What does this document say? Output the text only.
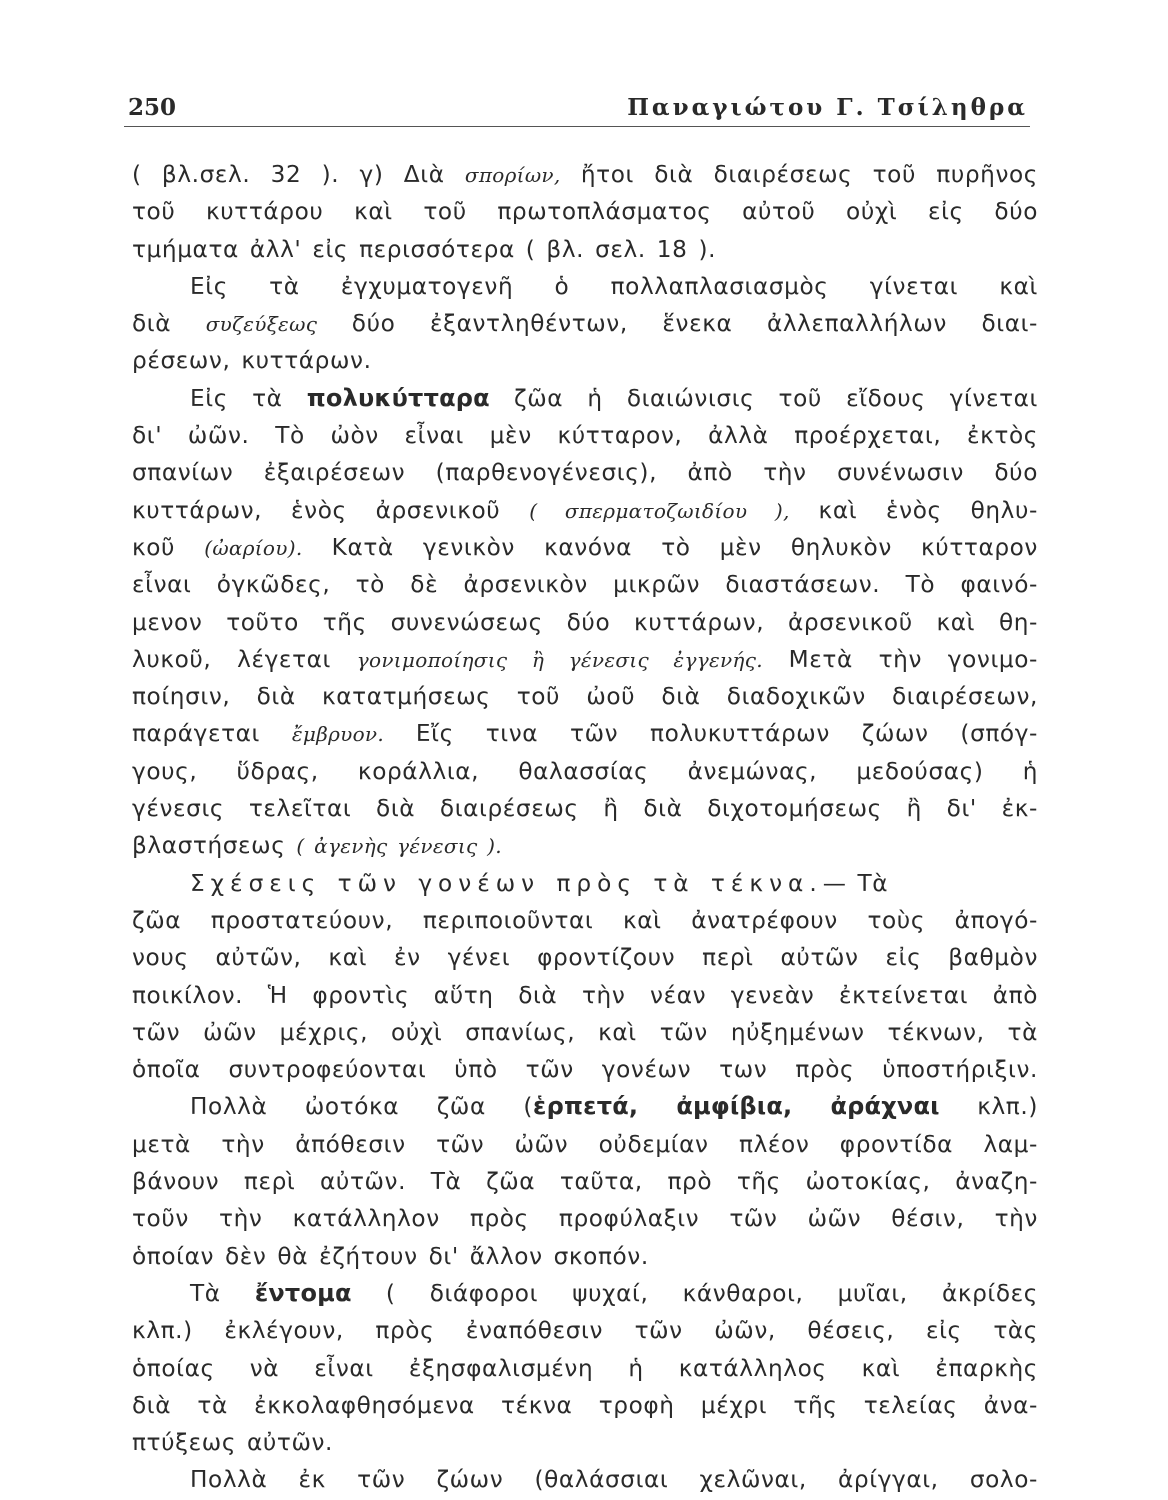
250	Παναγιώτου Γ. Τσίληθρα
( βλ.σελ. 32 ). γ) Διὰ σπορίων, ἤτοι διὰ διαιρέσεως τοῦ πυρῆνος
τοῦ κυττάρου καὶ τοῦ πρωτοπλάσματος αὐτοῦ οὐχὶ εἰς δύο
τμήματα ἀλλ' εἰς περισσότερα ( βλ. σελ. 18 ).
Εἰς τὰ ἐγχυματογενῆ ὁ πολλαπλασιασμὸς γίνεται καὶ
διὰ συζεύξεως δύο ἐξαντληθέντων, ἕνεκα ἀλλεπαλλήλων διαι-
ρέσεων, κυττάρων.
Εἰς τὰ πολυκύτταρα ζῶα ἡ διαιώνισις τοῦ εἴδους γίνεται
δι' ὠῶν. Τὸ ὠὸν εἶναι μὲν κύτταρον, ἀλλὰ προέρχεται, ἐκτὸς
σπανίων ἐξαιρέσεων (παρθενογένεσις), ἀπὸ τὴν συνένωσιν δύο
κυττάρων, ἑνὸς ἀρσενικοῦ ( σπερματοζωιδίου ), καὶ ἑνὸς θηλυ-
κοῦ (ὠαρίου). Κατὰ γενικὸν κανόνα τὸ μὲν θηλυκὸν κύτταρον
εἶναι ὀγκῶδες, τὸ δὲ ἀρσενικὸν μικρῶν διαστάσεων. Τὸ φαινό-
μενον τοῦτο τῆς συνενώσεως δύο κυττάρων, ἀρσενικοῦ καὶ θη-
λυκοῦ, λέγεται γονιμοποίησις ἢ γένεσις ἐγγενής. Μετὰ τὴν γονιμο-
ποίησιν, διὰ κατατμήσεως τοῦ ὠοῦ διὰ διαδοχικῶν διαιρέσεων,
παράγεται ἔμβρυον. Εἴς τινα τῶν πολυκυττάρων ζώων (σπόγ-
γους, ὕδρας, κοράλλια, θαλασσίας ἀνεμώνας, μεδούσας) ἡ
γένεσις τελεῖται διὰ διαιρέσεως ἢ διὰ διχοτομήσεως ἢ δι' ἐκ-
βλαστήσεως ( ἀγενὴς γένεσις ).
Σχέσεις τῶν γονέων πρὸς τὰ τέκνα.— Τὰ
ζῶα προστατεύουν, περιποιοῦνται καὶ ἀνατρέφουν τοὺς ἀπογό-
νους αὐτῶν, καὶ ἐν γένει φροντίζουν περὶ αὐτῶν εἰς βαθμὸν
ποικίλον. Ἡ φροντὶς αὕτη διὰ τὴν νέαν γενεὰν ἐκτείνεται ἀπὸ
τῶν ὠῶν μέχρις, οὐχὶ σπανίως, καὶ τῶν ηὐξημένων τέκνων, τὰ
ὁποῖα συντροφεύονται ὑπὸ τῶν γονέων των πρὸς ὑποστήριξιν.
Πολλὰ ὠοτόκα ζῶα (ἑρπετά, ἀμφίβια, ἀράχναι κλπ.)
μετὰ τὴν ἀπόθεσιν τῶν ὠῶν οὐδεμίαν πλέον φροντίδα λαμ-
βάνουν περὶ αὐτῶν. Τὰ ζῶα ταῦτα, πρὸ τῆς ὠοτοκίας, ἀναζη-
τοῦν τὴν κατάλληλον πρὸς προφύλαξιν τῶν ὠῶν θέσιν, τὴν
ὁποίαν δὲν θὰ ἐζήτουν δι' ἄλλον σκοπόν.
Τὰ ἔντομα ( διάφοροι ψυχαί, κάνθαροι, μυῖαι, ἀκρίδες
κλπ.) ἐκλέγουν, πρὸς ἐναπόθεσιν τῶν ὠῶν, θέσεις, εἰς τὰς
ὁποίας νὰ εἶναι ἐξησφαλισμένη ἡ κατάλληλος καὶ ἐπαρκὴς
διὰ τὰ ἐκκολαφθησόμενα τέκνα τροφὴ μέχρι τῆς τελείας ἀνα-
πτύξεως αὐτῶν.
Πολλὰ ἐκ τῶν ζώων (θαλάσσιαι χελῶναι, ἀρίγγαι, σολο-
